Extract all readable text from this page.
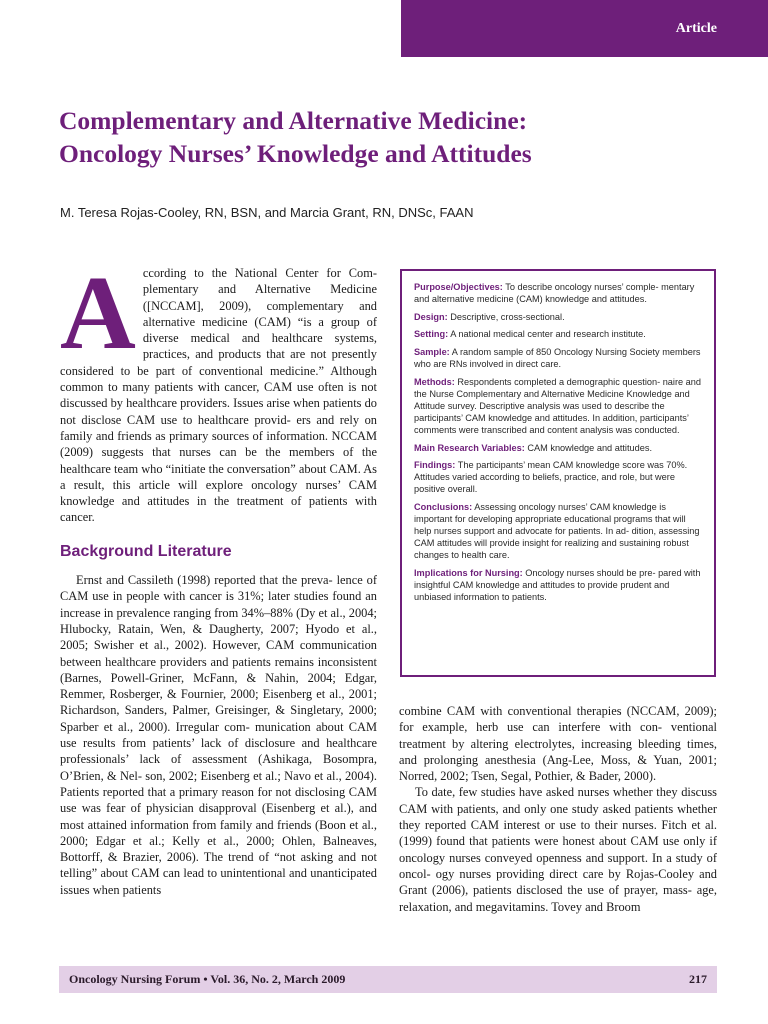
Article
Complementary and Alternative Medicine:
Oncology Nurses’ Knowledge and Attitudes

M. Teresa Rojas-Cooley, RN, BSN, and Marcia Grant, RN, DNSc, FAAN

According to the National Center for Com- plementary and Alternative Medicine ([NCCAM], 2009), complementary and alternative medicine (CAM) “is a group of diverse medical and healthcare systems, practices, and products that are not presently considered to be part of conventional medicine.” Although common to many patients with cancer, CAM use often is not discussed by healthcare providers. Issues arise when patients do not disclose CAM use to healthcare provid- ers and rely on family and friends as primary sources of information. NCCAM (2009) suggests that nurses can be the members of the healthcare team who “initiate the conversation” about CAM. As a result, this article will explore oncology nurses’ CAM knowledge and attitudes in the treatment of patients with cancer.

Background Literature

Ernst and Cassileth (1998) reported that the preva- lence of CAM use in people with cancer is 31%; later studies found an increase in prevalence ranging from 34%–88% (Dy et al., 2004; Hlubocky, Ratain, Wen, & Daugherty, 2007; Hyodo et al., 2005; Swisher et al., 2002). However, CAM communication between healthcare providers and patients remains inconsistent (Barnes, Powell-Griner, McFann, & Nahin, 2004; Edgar, Remmer, Rosberger, & Fournier, 2000; Eisenberg et al., 2001; Richardson, Sanders, Palmer, Greisinger, & Singletary, 2000; Sparber et al., 2000). Irregular com- munication about CAM use results from patients’ lack of disclosure and healthcare professionals’ lack of assessment (Ashikaga, Bosompra, O’Brien, & Nel- son, 2002; Eisenberg et al.; Navo et al., 2004). Patients reported that a primary reason for not disclosing CAM use was fear of physician disapproval (Eisenberg et al.), and most attained information from family and friends (Boon et al., 2000; Edgar et al.; Kelly et al., 2000; Ohlen, Balneaves, Bottorff, & Brazier, 2006). The trend of “not asking and not telling” about CAM can lead to unintentional and unanticipated issues when patients

Purpose/Objectives: To describe oncology nurses’ comple- mentary and alternative medicine (CAM) knowledge and attitudes.

Design: Descriptive, cross-sectional.

Setting: A national medical center and research institute.

Sample: A random sample of 850 Oncology Nursing Society members who are RNs involved in direct care.

Methods: Respondents completed a demographic question- naire and the Nurse Complementary and Alternative Medicine Knowledge and Attitude survey. Descriptive analysis was used to describe the participants’ CAM knowledge and attitudes. In addition, participants’ comments were transcribed and content analysis was conducted.

Main Research Variables: CAM knowledge and attitudes.

Findings: The participants’ mean CAM knowledge score was 70%. Attitudes varied according to beliefs, practice, and role, but were positive overall.

Conclusions: Assessing oncology nurses’ CAM knowledge is important for developing appropriate educational programs that will help nurses support and advocate for patients. In ad- dition, assessing CAM attitudes will provide insight for realizing and sustaining robust changes to health care.

Implications for Nursing: Oncology nurses should be pre- pared with insightful CAM knowledge and attitudes to provide prudent and unbiased information to patients.

combine CAM with conventional therapies (NCCAM, 2009); for example, herb use can interfere with con- ventional treatment by altering electrolytes, increasing bleeding times, and prolonging anesthesia (Ang-Lee, Moss, & Yuan, 2001; Norred, 2002; Tsen, Segal, Pothier, & Bader, 2000).

To date, few studies have asked nurses whether they discuss CAM with patients, and only one study asked patients whether they reported CAM interest or use to their nurses. Fitch et al. (1999) found that patients were honest about CAM use only if oncology nurses conveyed openness and support. In a study of oncol- ogy nurses providing direct care by Rojas-Cooley and Grant (2006), patients disclosed the use of prayer, mass- age, relaxation, and megavitamins. Tovey and Broom

Oncology Nursing Forum • Vol. 36, No. 2, March 2009	217
